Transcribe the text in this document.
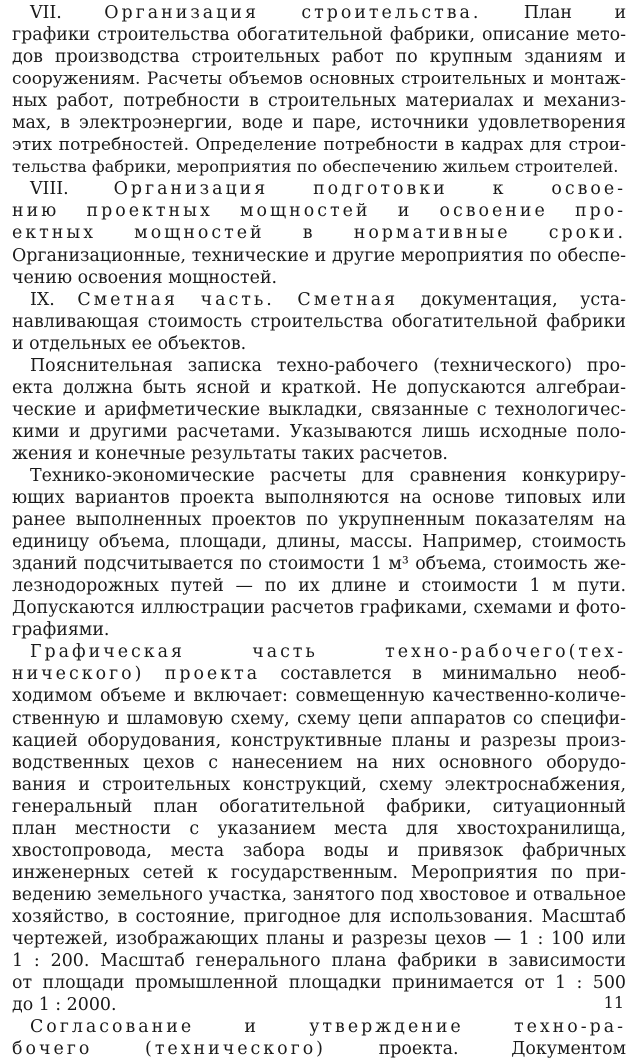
VII. Организация строительства. План и
графики строительства обогатительной фабрики, описание мето-
дов производства строительных работ по крупным зданиям и
сооружениям. Расчеты объемов основных строительных и монтаж-
ных работ, потребности в строительных материалах и механиз-
мах, в электроэнергии, воде и паре, источники удовлетворения
этих потребностей. Определение потребности в кадрах для строи-
тельства фабрики, мероприятия по обеспечению жильем строителей.
VIII.	Организация	подготовки	к	освое-
нию проектных мощностей и освоение про-
ектных мощностей в нормативные сроки.
Организационные, технические и другие мероприятия по обеспе-
чению освоения мощностей.
IX. Сметная часть. Сметная документация, уста-
навливающая стоимость строительства обогатительной фабрики
и отдельных ее объектов.
Пояснительная записка техно-рабочего (технического) про-
екта должна быть ясной и краткой. Не допускаются алгебраи-
ческие и арифметические выкладки, связанные с технологичес-
кими и другими расчетами. Указываются лишь исходные поло-
жения и конечные результаты таких расчетов.
Технико-экономические расчеты для сравнения конкуриру-
ющих вариантов проекта выполняются на основе типовых или
ранее выполненных проектов по укрупненным показателям на
единицу объема, площади, длины, массы. Например, стоимость
зданий подсчитывается по стоимости 1 м³ объема, стоимость же-
лезнодорожных путей — по их длине и стоимости 1 м пути.
Допускаются иллюстрации расчетов графиками, схемами и фото-
графиями.
Графическая	часть	техно-рабочего(тех-
нического) проекта составлется в минимально необ-
ходимом объеме и включает: совмещенную качественно-количе-
ственную и шламовую схему, схему цепи аппаратов со специфи-
кацией оборудования, конструктивные планы и разрезы произ-
водственных цехов с нанесением на них основного оборудо-
вания и строительных конструкций, схему электроснабжения,
генеральный план обогатительной фабрики, ситуационный
план местности с указанием места для хвостохранилища,
хвостопровода, места забора воды и привязок фабричных
инженерных сетей к государственным. Мероприятия по при-
ведению земельного участка, занятого под хвостовое и отвальное
хозяйство, в состояние, пригодное для использования. Масштаб
чертежей, изображающих планы и разрезы цехов — 1 : 100 или
1 : 200. Масштаб генерального плана фабрики в зависимости
от площади промышленной площадки принимается от 1 : 500
до 1 : 2000.
Согласование	и	утверждение	техно-ра-
бочего	(технического)	проекта.	Документом
11
